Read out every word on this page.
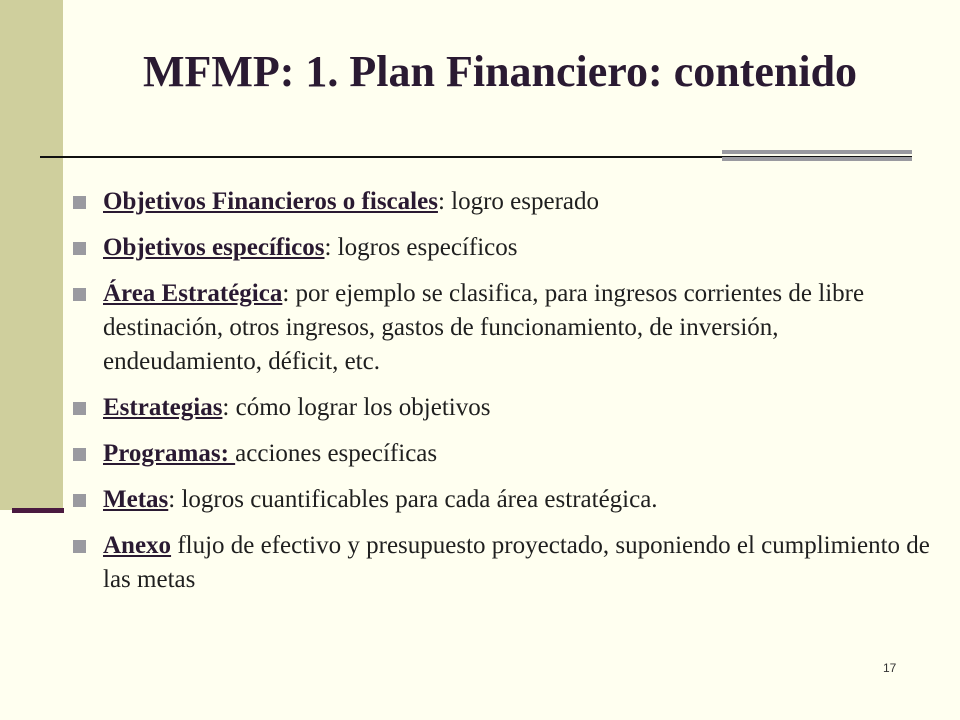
MFMP: 1. Plan Financiero: contenido
Objetivos Financieros o fiscales: logro esperado
Objetivos específicos: logros específicos
Área Estratégica: por ejemplo se clasifica, para ingresos corrientes de libre destinación, otros ingresos, gastos de funcionamiento, de inversión, endeudamiento, déficit, etc.
Estrategias: cómo lograr los objetivos
Programas: acciones específicas
Metas: logros cuantificables para cada área estratégica.
Anexo flujo de efectivo y presupuesto proyectado, suponiendo el cumplimiento de las metas
17
